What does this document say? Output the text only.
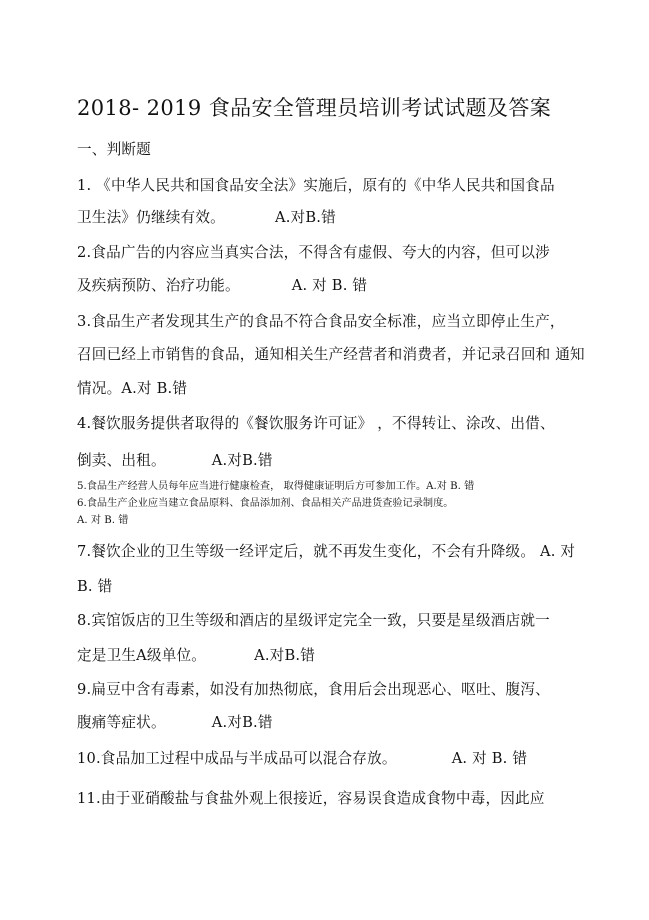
2018- 2019 食品安全管理员培训考试试题及答案
一、判断题
1. 《中华人民共和国食品安全法》实施后，原有的《中华人民共和国食品
卫生法》仍继续有效。	A.对B.错
2.食品广告的内容应当真实合法，不得含有虚假、夸大的内容，但可以涉
及疾病预防、治疗功能。	A. 对 B. 错
3.食品生产者发现其生产的食品不符合食品安全标准，应当立即停止生产，
召回已经上市销售的食品，通知相关生产经营者和消费者，并记录召回和 通知
情况。A.对 B.错
4.餐饮服务提供者取得的《餐饮服务许可证》 ，不得转让、涂改、出借、
倒卖、出租。	A.对B.错
5.食品生产经营人员每年应当进行健康检查， 取得健康证明后方可参加工作。A.对 B. 错
6.食品生产企业应当建立食品原料、食品添加剂、食品相关产品进货查验记录制度。
A. 对 B. 错
7.餐饮企业的卫生等级一经评定后，就不再发生变化，不会有升降级。 A. 对
B. 错
8.宾馆饭店的卫生等级和酒店的星级评定完全一致，只要是星级酒店就一
定是卫生A级单位。	A.对B.错
9.扁豆中含有毒素，如没有加热彻底，食用后会出现恶心、呕吐、腹泻、
腹痛等症状。	A.对B.错
10.食品加工过程中成品与半成品可以混合存放。	A. 对 B. 错
11.由于亚硝酸盐与食盐外观上很接近，容易误食造成食物中毒，因此应
